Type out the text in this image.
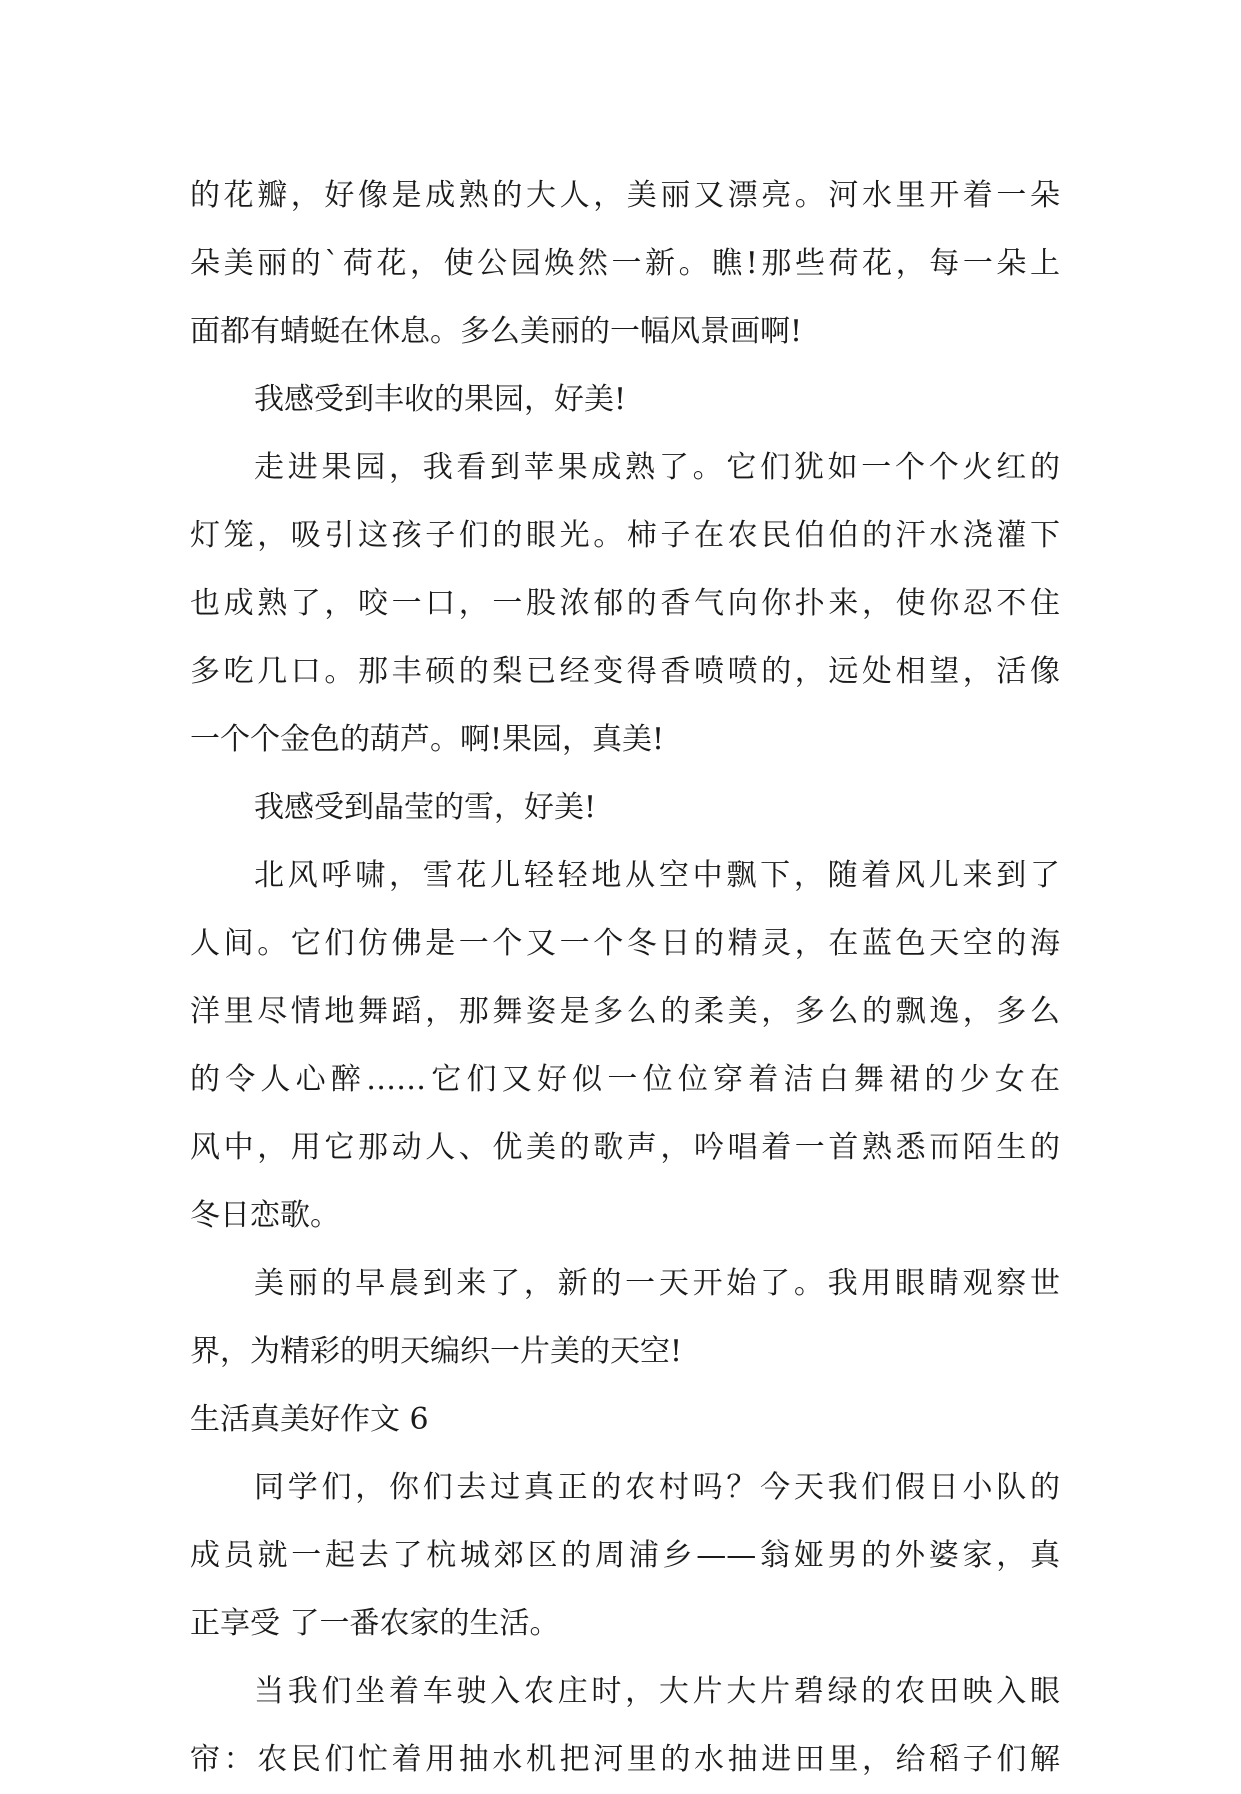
的花瓣，好像是成熟的大人，美丽又漂亮。河水里开着一朵
朵美丽的`荷花，使公园焕然一新。瞧!那些荷花，每一朵上
面都有蜻蜓在休息。多么美丽的一幅风景画啊!
我感受到丰收的果园，好美!
走进果园，我看到苹果成熟了。它们犹如一个个火红的
灯笼，吸引这孩子们的眼光。柿子在农民伯伯的汗水浇灌下
也成熟了，咬一口，一股浓郁的香气向你扑来，使你忍不住
多吃几口。那丰硕的梨已经变得香喷喷的，远处相望，活像
一个个金色的葫芦。啊!果园，真美!
我感受到晶莹的雪，好美!
北风呼啸，雪花儿轻轻地从空中飘下，随着风儿来到了
人间。它们仿佛是一个又一个冬日的精灵，在蓝色天空的海
洋里尽情地舞蹈，那舞姿是多么的柔美，多么的飘逸，多么
的令人心醉……它们又好似一位位穿着洁白舞裙的少女在
风中，用它那动人、优美的歌声，吟唱着一首熟悉而陌生的
冬日恋歌。
美丽的早晨到来了，新的一天开始了。我用眼睛观察世
界，为精彩的明天编织一片美的天空!
生活真美好作文 6
同学们，你们去过真正的农村吗？今天我们假日小队的
成员就一起去了杭城郊区的周浦乡——翁娅男的外婆家，真
正享受 了一番农家的生活。
当我们坐着车驶入农庄时，大片大片碧绿的农田映入眼
帘：农民们忙着用抽水机把河里的水抽进田里，给稻子们解
